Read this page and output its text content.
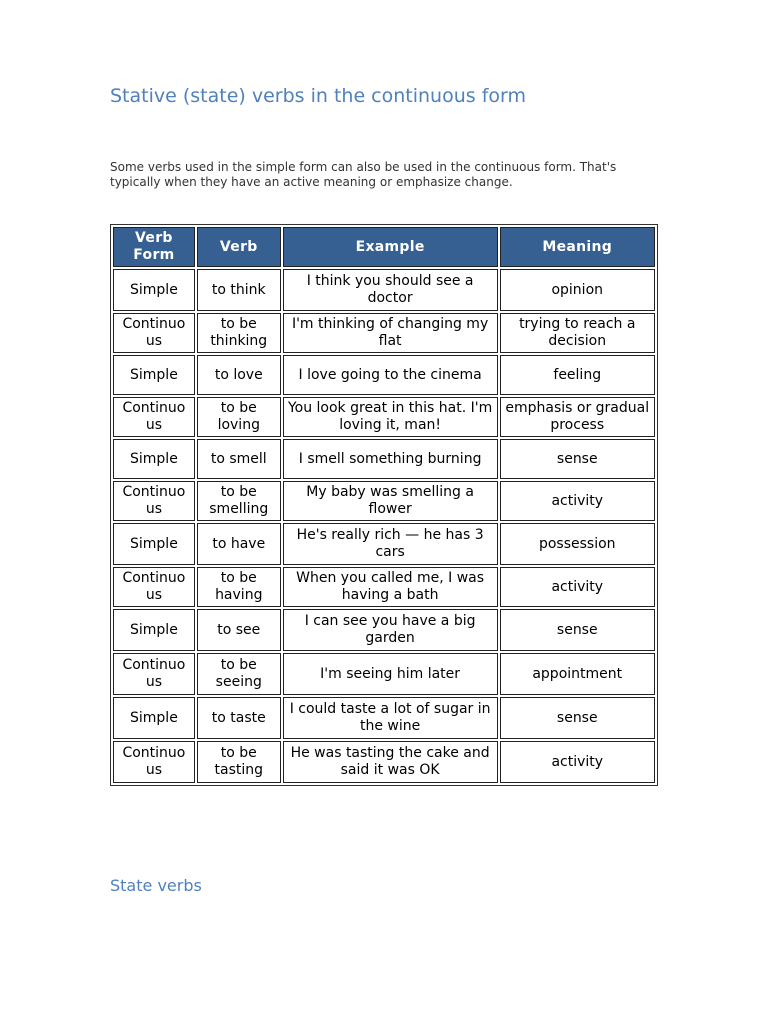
Stative (state) verbs in the continuous form

Some verbs used in the simple form can also be used in the continuous form. That's typically when they have an active meaning or emphasize change.

Verb Form	Verb	Example	Meaning
Simple	to think	I think you should see a doctor	opinion
Continuo us	to be thinking	I'm thinking of changing my flat	trying to reach a decision
Simple	to love	I love going to the cinema	feeling
Continuo us	to be loving	You look great in this hat. I'm loving it, man!	emphasis or gradual process
Simple	to smell	I smell something burning	sense
Continuo us	to be smelling	My baby was smelling a flower	activity
Simple	to have	He's really rich — he has 3 cars	possession
Continuo us	to be having	When you called me, I was having a bath	activity
Simple	to see	I can see you have a big garden	sense
Continuo us	to be seeing	I'm seeing him later	appointment
Simple	to taste	I could taste a lot of sugar in the wine	sense
Continuo us	to be tasting	He was tasting the cake and said it was OK	activity
State verbs
